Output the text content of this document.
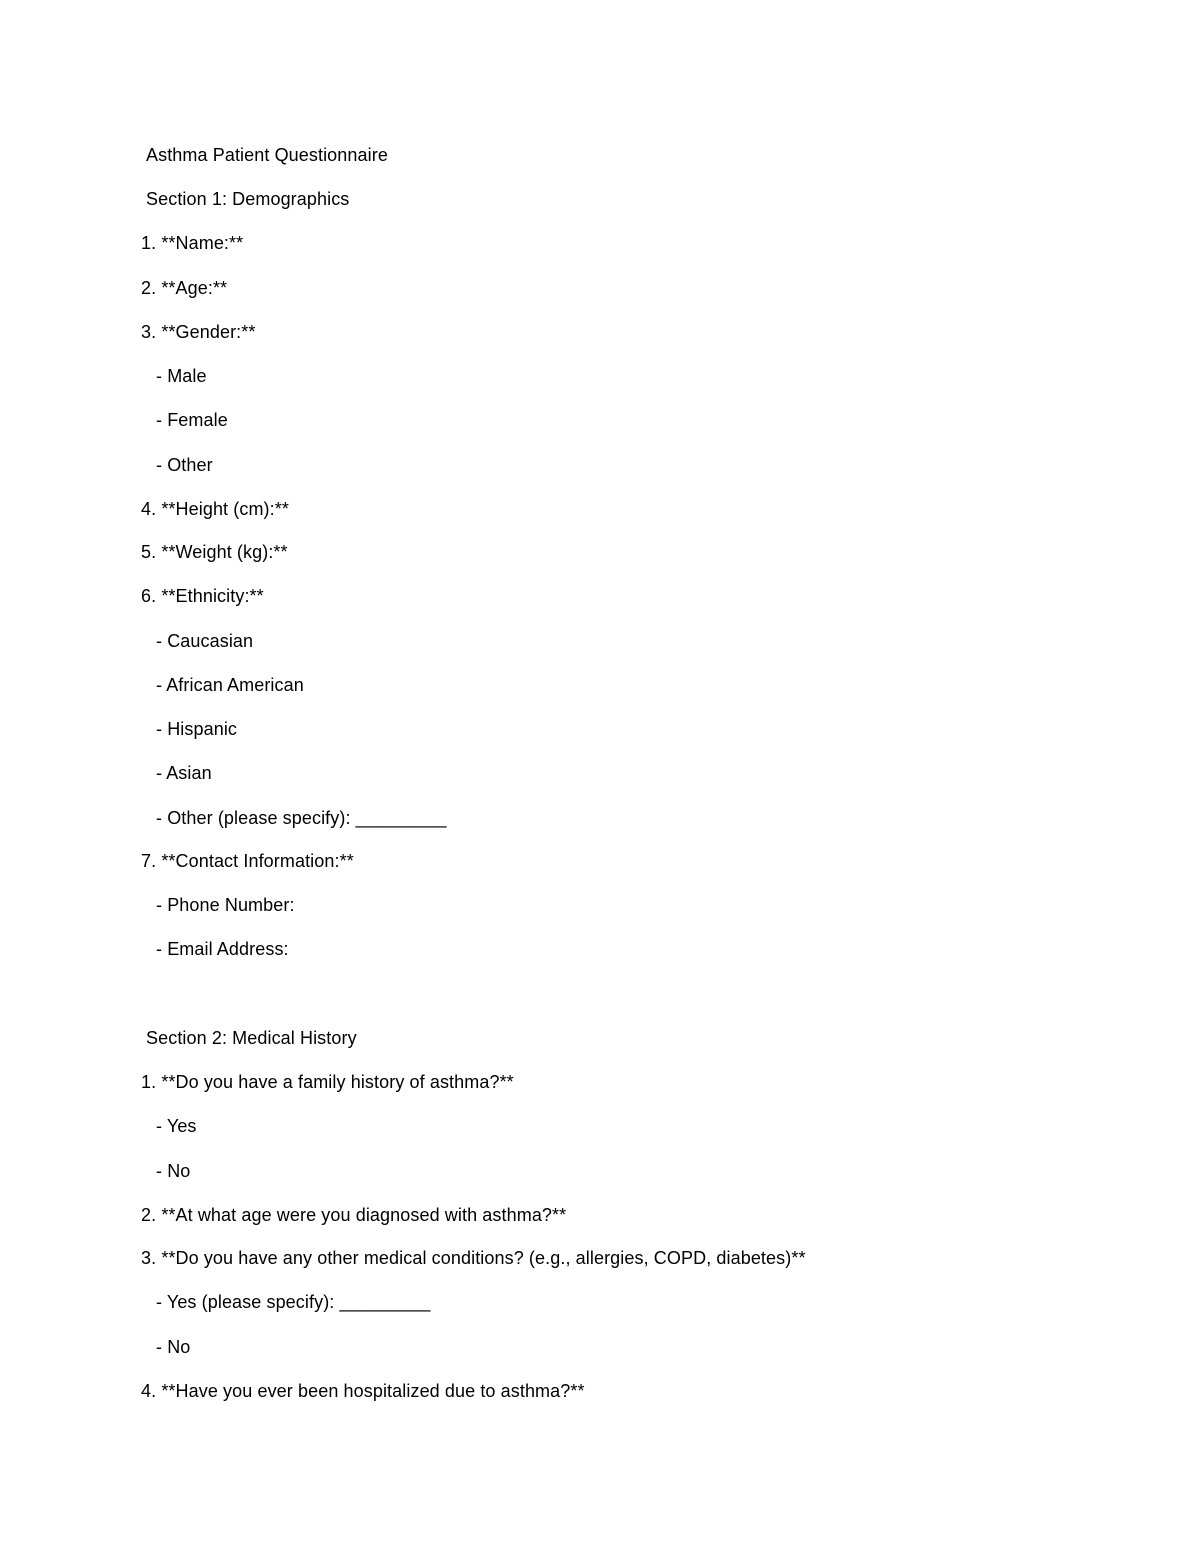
Asthma Patient Questionnaire
Section 1: Demographics
1. **Name:**
2. **Age:**
3. **Gender:**
- Male
- Female
- Other
4. **Height (cm):**
5. **Weight (kg):**
6. **Ethnicity:**
- Caucasian
- African American
- Hispanic
- Asian
- Other (please specify): _________
7. **Contact Information:**
- Phone Number:
- Email Address:
Section 2: Medical History
1. **Do you have a family history of asthma?**
- Yes
- No
2. **At what age were you diagnosed with asthma?**
3. **Do you have any other medical conditions? (e.g., allergies, COPD, diabetes)**
- Yes (please specify): _________
- No
4. **Have you ever been hospitalized due to asthma?**
